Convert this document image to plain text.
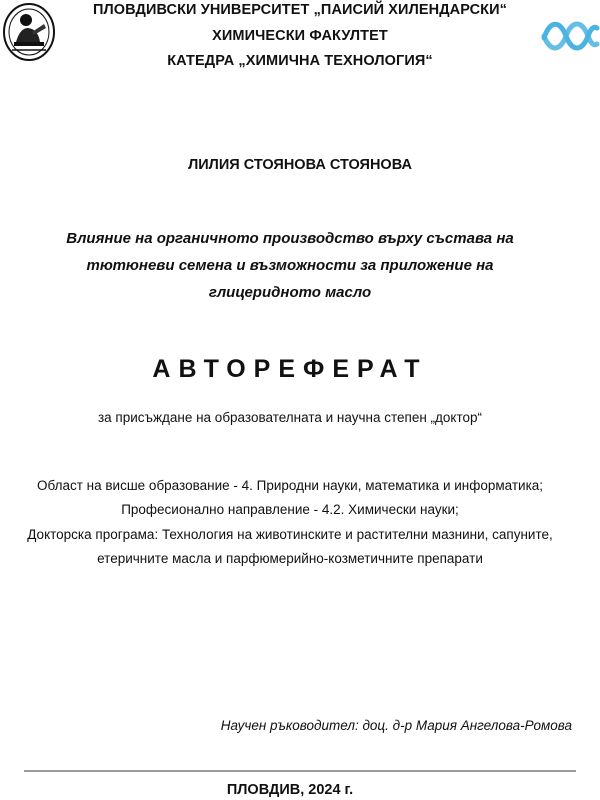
ПЛОВДИВСКИ УНИВЕРСИТЕТ „ПАИСИЙ ХИЛЕНДАРСКИ“
ХИМИЧЕСКИ ФАКУЛТЕТ
КАТЕДРА „ХИМИЧНА ТЕХНОЛОГИЯ“
ЛИЛИЯ СТОЯНОВА СТОЯНОВА
Влияние на органичното производство върху състава на
тютюневи семена и възможности за приложение на
глицеридното масло
АВТОРЕФЕРАТ
за присъждане на образователната и научна степен „доктор“
Област на висше образование - 4. Природни науки, математика и информатика;
Професионално направление - 4.2. Химически науки;
Докторска програма: Технология на животинските и растителни мазнини, сапуните,
етеричните масла и парфюмерийно-козметичните препарати
Научен ръководител: доц. д-р Мария Ангелова-Ромова
ПЛОВДИВ, 2024 г.
